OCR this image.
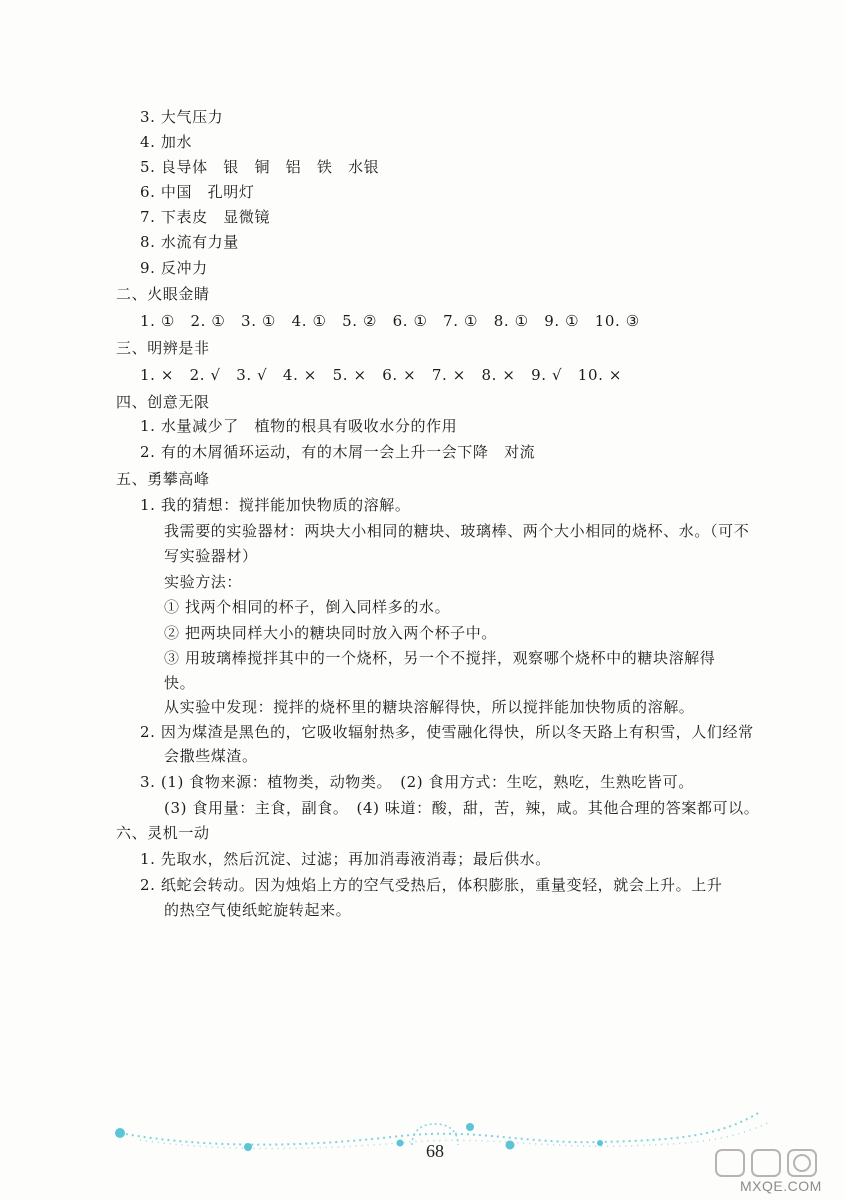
3. 大气压力
4. 加水
5. 良导体　银　铜　铝　铁　水银
6. 中国　孔明灯
7. 下表皮　显微镜
8. 水流有力量
9. 反冲力
二、火眼金睛
1. ①　2. ①　3. ①　4. ①　5. ②　6. ①　7. ①　8. ①　9. ①　10. ③
三、明辨是非
1. ×　2. √　3. √　4. ×　5. ×　6. ×　7. ×　8. ×　9. √　10. ×
四、创意无限
1. 水量减少了　植物的根具有吸收水分的作用
2. 有的木屑循环运动，有的木屑一会上升一会下降　对流
五、勇攀高峰
1. 我的猜想：搅拌能加快物质的溶解。
我需要的实验器材：两块大小相同的糖块、玻璃棒、两个大小相同的烧杯、水。（可不
写实验器材）
实验方法：
① 找两个相同的杯子，倒入同样多的水。
② 把两块同样大小的糖块同时放入两个杯子中。
③ 用玻璃棒搅拌其中的一个烧杯，另一个不搅拌，观察哪个烧杯中的糖块溶解得
快。
从实验中发现：搅拌的烧杯里的糖块溶解得快，所以搅拌能加快物质的溶解。
2. 因为煤渣是黑色的，它吸收辐射热多，使雪融化得快，所以冬天路上有积雪，人们经常
会撒些煤渣。
3. (1) 食物来源：植物类，动物类。　(2) 食用方式：生吃，熟吃，生熟吃皆可。
(3) 食用量：主食，副食。　(4) 味道：酸，甜，苦，辣，咸。其他合理的答案都可以。
六、灵机一动
1. 先取水，然后沉淀、过滤；再加消毒液消毒；最后供水。
2. 纸蛇会转动。因为烛焰上方的空气受热后，体积膨胀，重量变轻，就会上升。上升
的热空气使纸蛇旋转起来。
68
MXQE.COM
